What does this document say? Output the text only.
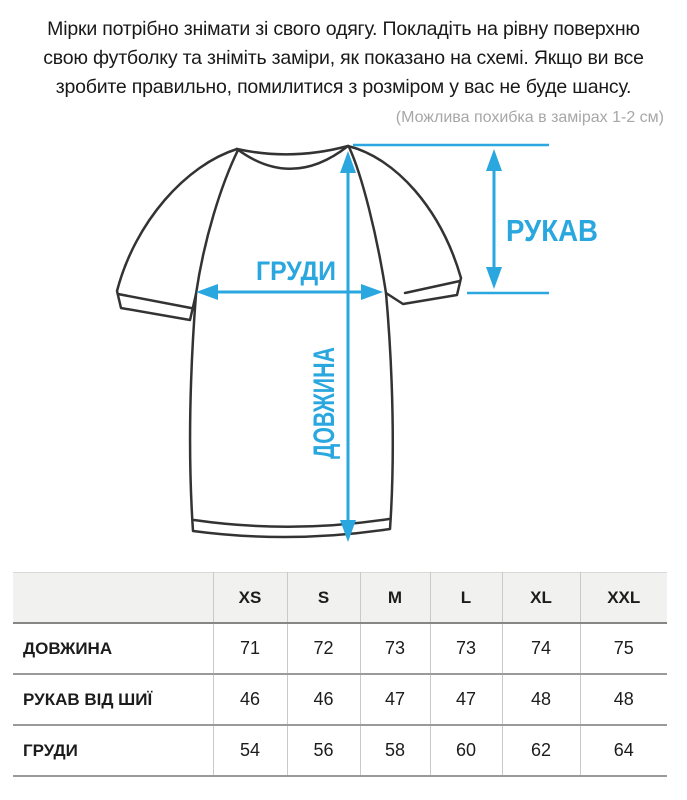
Мірки потрібно знімати зі свого одягу. Покладіть на рівну поверхню
свою футболку та зніміть заміри, як показано на схемі. Якщо ви все
зробите правильно, помилитися з розміром у вас не буде шансу.
(Можлива похибка в замірах 1-2 см)
ГРУДИ
РУКАВ
ДОВЖИНА
	XS	S	M	L	XL	XXL
ДОВЖИНА	71	72	73	73	74	75
РУКАВ ВІД ШИЇ	46	46	47	47	48	48
ГРУДИ	54	56	58	60	62	64
